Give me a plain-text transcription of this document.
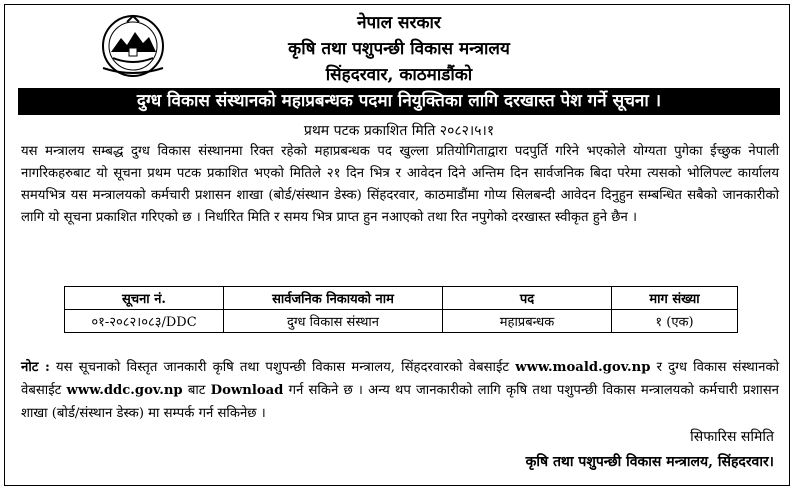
नेपाल सरकार
कृषि तथा पशुपन्छी विकास मन्त्रालय
सिंहदरवार, काठमाडौंको
दुग्ध विकास संस्थानको महाप्रबन्धक पदमा नियुक्तिका लागि दरखास्त पेश गर्ने सूचना ।
प्रथम पटक प्रकाशित मिति २०८२।५।१
यस मन्त्रालय सम्बद्ध दुग्ध विकास संस्थानमा रिक्त रहेको महाप्रबन्धक पद खुल्ला प्रतियोगिताद्वारा पदपुर्ति गरिने भएकोले योग्यता पुगेका ईच्छुक नेपाली नागरिकहरुबाट यो सूचना प्रथम पटक प्रकाशित भएको मितिले २१ दिन भित्र र आवेदन दिने अन्तिम दिन सार्वजनिक बिदा परेमा त्यसको भोलिपल्ट कार्यालय समयभित्र यस मन्त्रालयको कर्मचारी प्रशासन शाखा (बोर्ड/संस्थान डेस्क) सिंहदरवार, काठमाडौंमा गोप्य सिलबन्दी आवेदन दिनुहुन सम्बन्धित सबैको जानकारीको लागि यो सूचना प्रकाशित गरिएको छ । निर्धारित मिति र समय भित्र प्राप्त हुन नआएको तथा रित नपुगेको दरखास्त स्वीकृत हुने छैन ।
सूचना नं.	सार्वजनिक निकायको नाम	पद	माग संख्या
०१-२०८२।०८३/DDC	दुग्ध विकास संस्थान	महाप्रबन्धक	१ (एक)
नोट : यस सूचनाको विस्तृत जानकारी कृषि तथा पशुपन्छी विकास मन्त्रालय, सिंहदरवारको वेबसाईट www.moald.gov.np र दुग्ध विकास संस्थानको वेबसाईट www.ddc.gov.np बाट Download गर्न सकिने छ । अन्य थप जानकारीको लागि कृषि तथा पशुपन्छी विकास मन्त्रालयको कर्मचारी प्रशासन शाखा (बोर्ड/संस्थान डेस्क) मा सम्पर्क गर्न सकिनेछ ।
सिफारिस समिति
कृषि तथा पशुपन्छी विकास मन्त्रालय, सिंहदरवार।
